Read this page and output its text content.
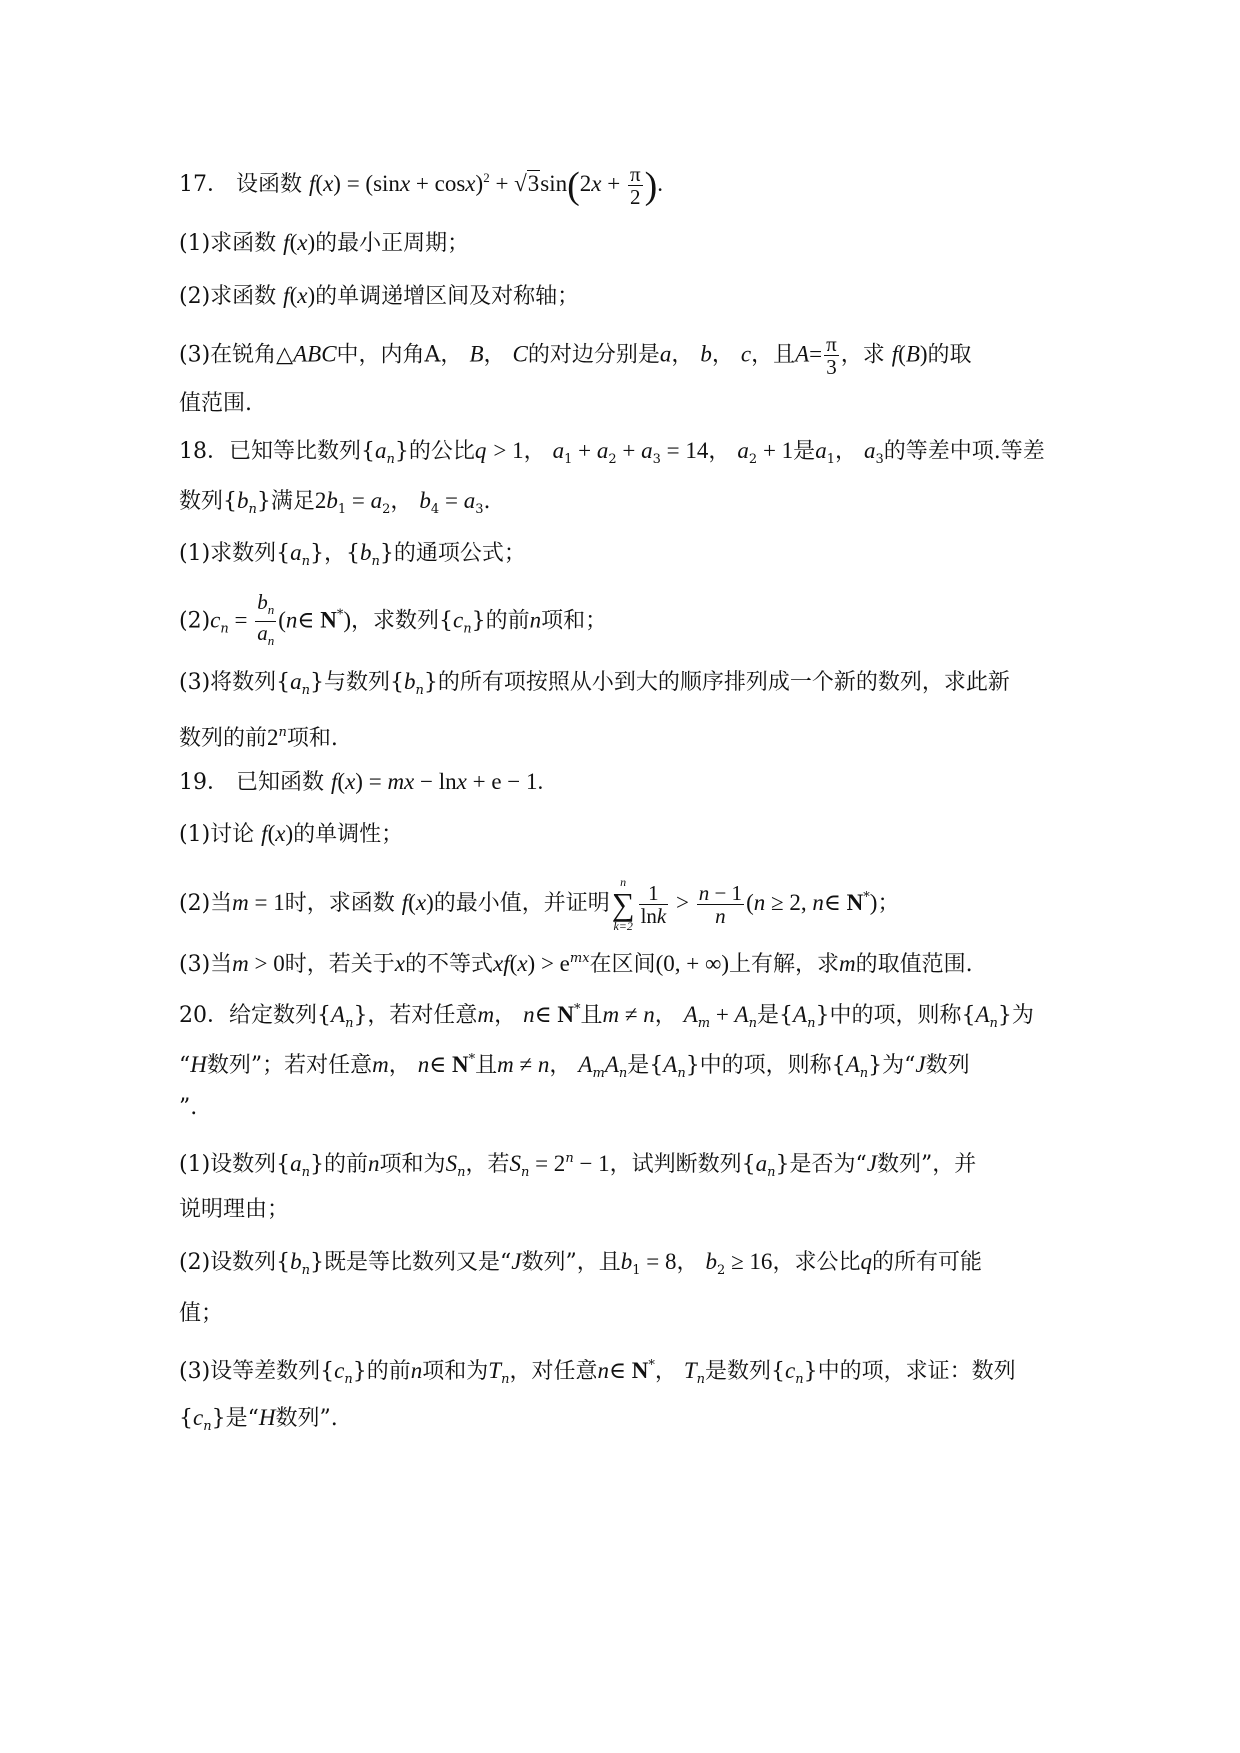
17． 设函数 $f(x) = (\sin x + \cos x)^2 + √3\sin(2x + \frac{\pi}{2}$ ).
(1)求函数 f(x)的最小正周期；
(2)求函数 f(x)的单调递增区间及对称轴；
(3)在锐角△ABC中，内角A， B， C的对边分别是a， b， c，且$A= \frac{\pi}{3}$ ，求 f(B)的取
值范围.
18．已知等比数列$\{a_n\}$的公比q > 1， $a_1 + a_2 + a_3 = 14$， $a_2 + 1$是$a_1$， $a_3$的等差中项.等差
数列$\{b_n\}$满足$2b_1 = a_2$， $b_4 = a_3$.
(1)求数列$\{a_n\}$，$\{b_n\}$的通项公式；
$(2)c_n = \frac{b_n}{a_n}$ (n∈ N*)，求数列$\{c_n\}$的前n项和；
(3)将数列$\{a_n\}$与数列$\{b_n\}$的所有项按照从小到大的顺序排列成一个新的数列，求此新
数列的前2$^n$项和.
19． 已知函数 f(x) = mx − lnx + e − 1.
(1)讨论 f(x)的单调性；
(2)当m = 1时，求函数 f(x)的最小值，并证明
n
∑
$k=2 \frac{1}{\ln k} > \frac{n - 1}{n} (n \ge 2$, n∈ N*)；
(3)当m > 0时，若关于x的不等式$xf(x) > e^{mx}$在区间(0, + ∞)上有解，求m的取值范围.
20．给定数列$\{A_n\}$，若对任意m， n∈ N*且m ≠ n， $A_m + A_n$是$\{A_n\}$中的项，则称$\{A_n\}$为
“H数列”；若对任意m， n∈ N*且m ≠ n， $A_mA_n$是$\{A_n\}$中的项，则称$\{A_n\}$为“J数列
”.
(1)设数列$\{a_n\}$的前n项和为$S_n$，若$S_n = 2^n - 1$，试判断数列$\{a_n\}$是否为“J数列”，并
说明理由；
(2)设数列$\{b_n\}$既是等比数列又是“J数列”，且$b_1 = 8$， $b_2 \ge 16$，求公比q的所有可能
值；
(3)设等差数列$\{c_n\}$的前n项和为$T_n$，对任意n∈ N*， $T_n$是数列$\{c_n\}$中的项，求证：数列
$\{c_n\}$是“H数列”.
